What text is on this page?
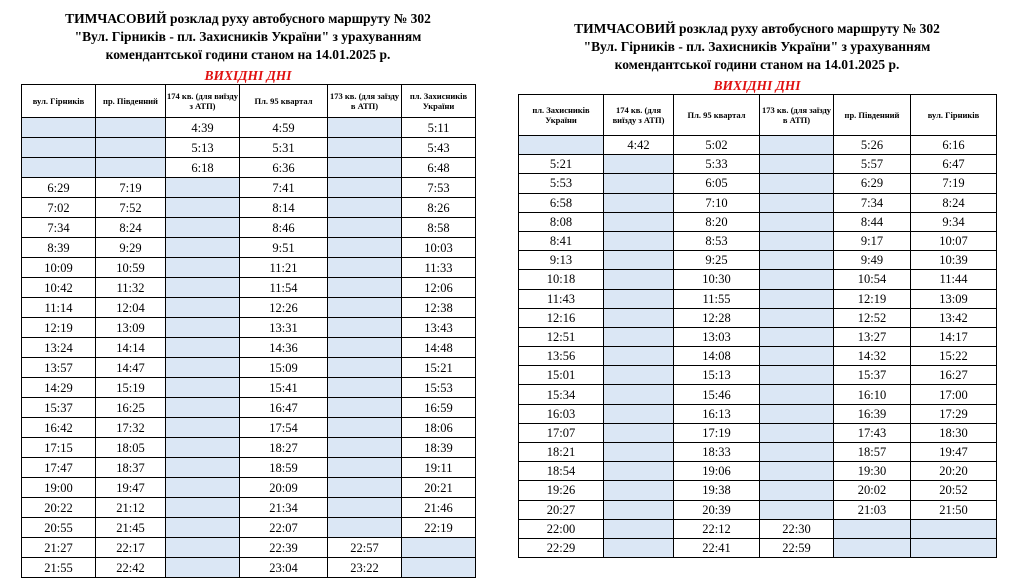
ТИМЧАСОВИЙ розклад руху автобусного маршруту № 302

"Вул. Гірників - пл. Захисників України" з урахуванням

комендантської години станом на 14.01.2025 р.

ВИХІДНІ ДНІ

вул. Гірників	пр. Південний	174 кв. (для виїзду з АТП)	Пл. 95 квартал	173 кв. (для заїзду в АТП)	пл. Захисників України
		4:39	4:59		5:11
		5:13	5:31		5:43
		6:18	6:36		6:48
6:29	7:19		7:41		7:53
7:02	7:52		8:14		8:26
7:34	8:24		8:46		8:58
8:39	9:29		9:51		10:03
10:09	10:59		11:21		11:33
10:42	11:32		11:54		12:06
11:14	12:04		12:26		12:38
12:19	13:09		13:31		13:43
13:24	14:14		14:36		14:48
13:57	14:47		15:09		15:21
14:29	15:19		15:41		15:53
15:37	16:25		16:47		16:59
16:42	17:32		17:54		18:06
17:15	18:05		18:27		18:39
17:47	18:37		18:59		19:11
19:00	19:47		20:09		20:21
20:22	21:12		21:34		21:46
20:55	21:45		22:07		22:19
21:27	22:17		22:39	22:57	
21:55	22:42		23:04	23:22	

ТИМЧАСОВИЙ розклад руху автобусного маршруту № 302

"Вул. Гірників - пл. Захисників України" з урахуванням

комендантської години станом на 14.01.2025 р.

ВИХІДНІ ДНІ

пл. Захисників України	174 кв. (для виїзду з АТП)	Пл. 95 квартал	173 кв. (для заїзду в АТП)	пр. Південний	вул. Гірників
	4:42	5:02		5:26	6:16
5:21		5:33		5:57	6:47
5:53		6:05		6:29	7:19
6:58		7:10		7:34	8:24
8:08		8:20		8:44	9:34
8:41		8:53		9:17	10:07
9:13		9:25		9:49	10:39
10:18		10:30		10:54	11:44
11:43		11:55		12:19	13:09
12:16		12:28		12:52	13:42
12:51		13:03		13:27	14:17
13:56		14:08		14:32	15:22
15:01		15:13		15:37	16:27
15:34		15:46		16:10	17:00
16:03		16:13		16:39	17:29
17:07		17:19		17:43	18:30
18:21		18:33		18:57	19:47
18:54		19:06		19:30	20:20
19:26		19:38		20:02	20:52
20:27		20:39		21:03	21:50
22:00		22:12	22:30		
22:29		22:41	22:59		
